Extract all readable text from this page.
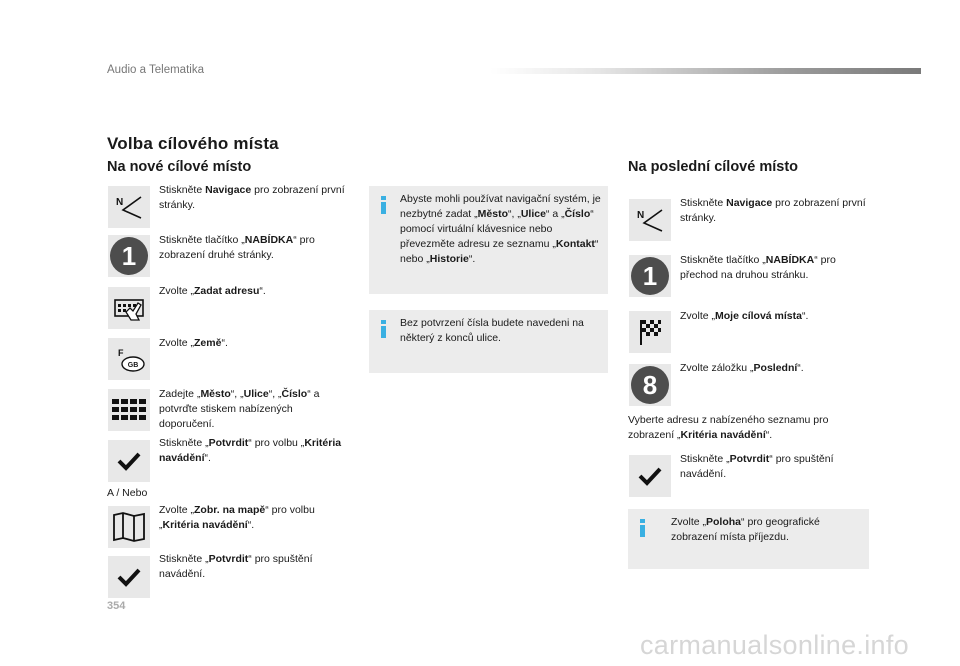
Audio a Telematika
Volba cílového místa
Na nové cílové místo
N
Stiskněte Navigace pro zobrazení první stránky.
1
Stiskněte tlačítko „NABÍDKA“ pro zobrazení druhé stránky.
Zvolte „Zadat adresu“.
F
GB
Zvolte „Země“.
Zadejte „Město“, „Ulice“, „Číslo“ a potvrďte stiskem nabízených doporučení.
Stiskněte „Potvrdit“ pro volbu „Kritéria navádění“.
A / Nebo
Zvolte „Zobr. na mapě“ pro volbu „Kritéria navádění“.
Stiskněte „Potvrdit“ pro spuštění navádění.
Abyste mohli používat navigační systém, je nezbytné zadat „Město“, „Ulice“ a „Číslo“ pomocí virtuální klávesnice nebo převezměte adresu ze seznamu „Kontakt“ nebo „Historie“.
Bez potvrzení čísla budete navedeni na některý z konců ulice.
Na poslední cílové místo
N
Stiskněte Navigace pro zobrazení první stránky.
1
Stiskněte tlačítko „NABÍDKA“ pro přechod na druhou stránku.
Zvolte „Moje cílová místa“.
8
Zvolte záložku „Poslední“.
Vyberte adresu z nabízeného seznamu pro zobrazení „Kritéria navádění“.
Stiskněte „Potvrdit“ pro spuštění navádění.
Zvolte „Poloha“ pro geografické zobrazení místa příjezdu.
354
carmanualsonline.info
